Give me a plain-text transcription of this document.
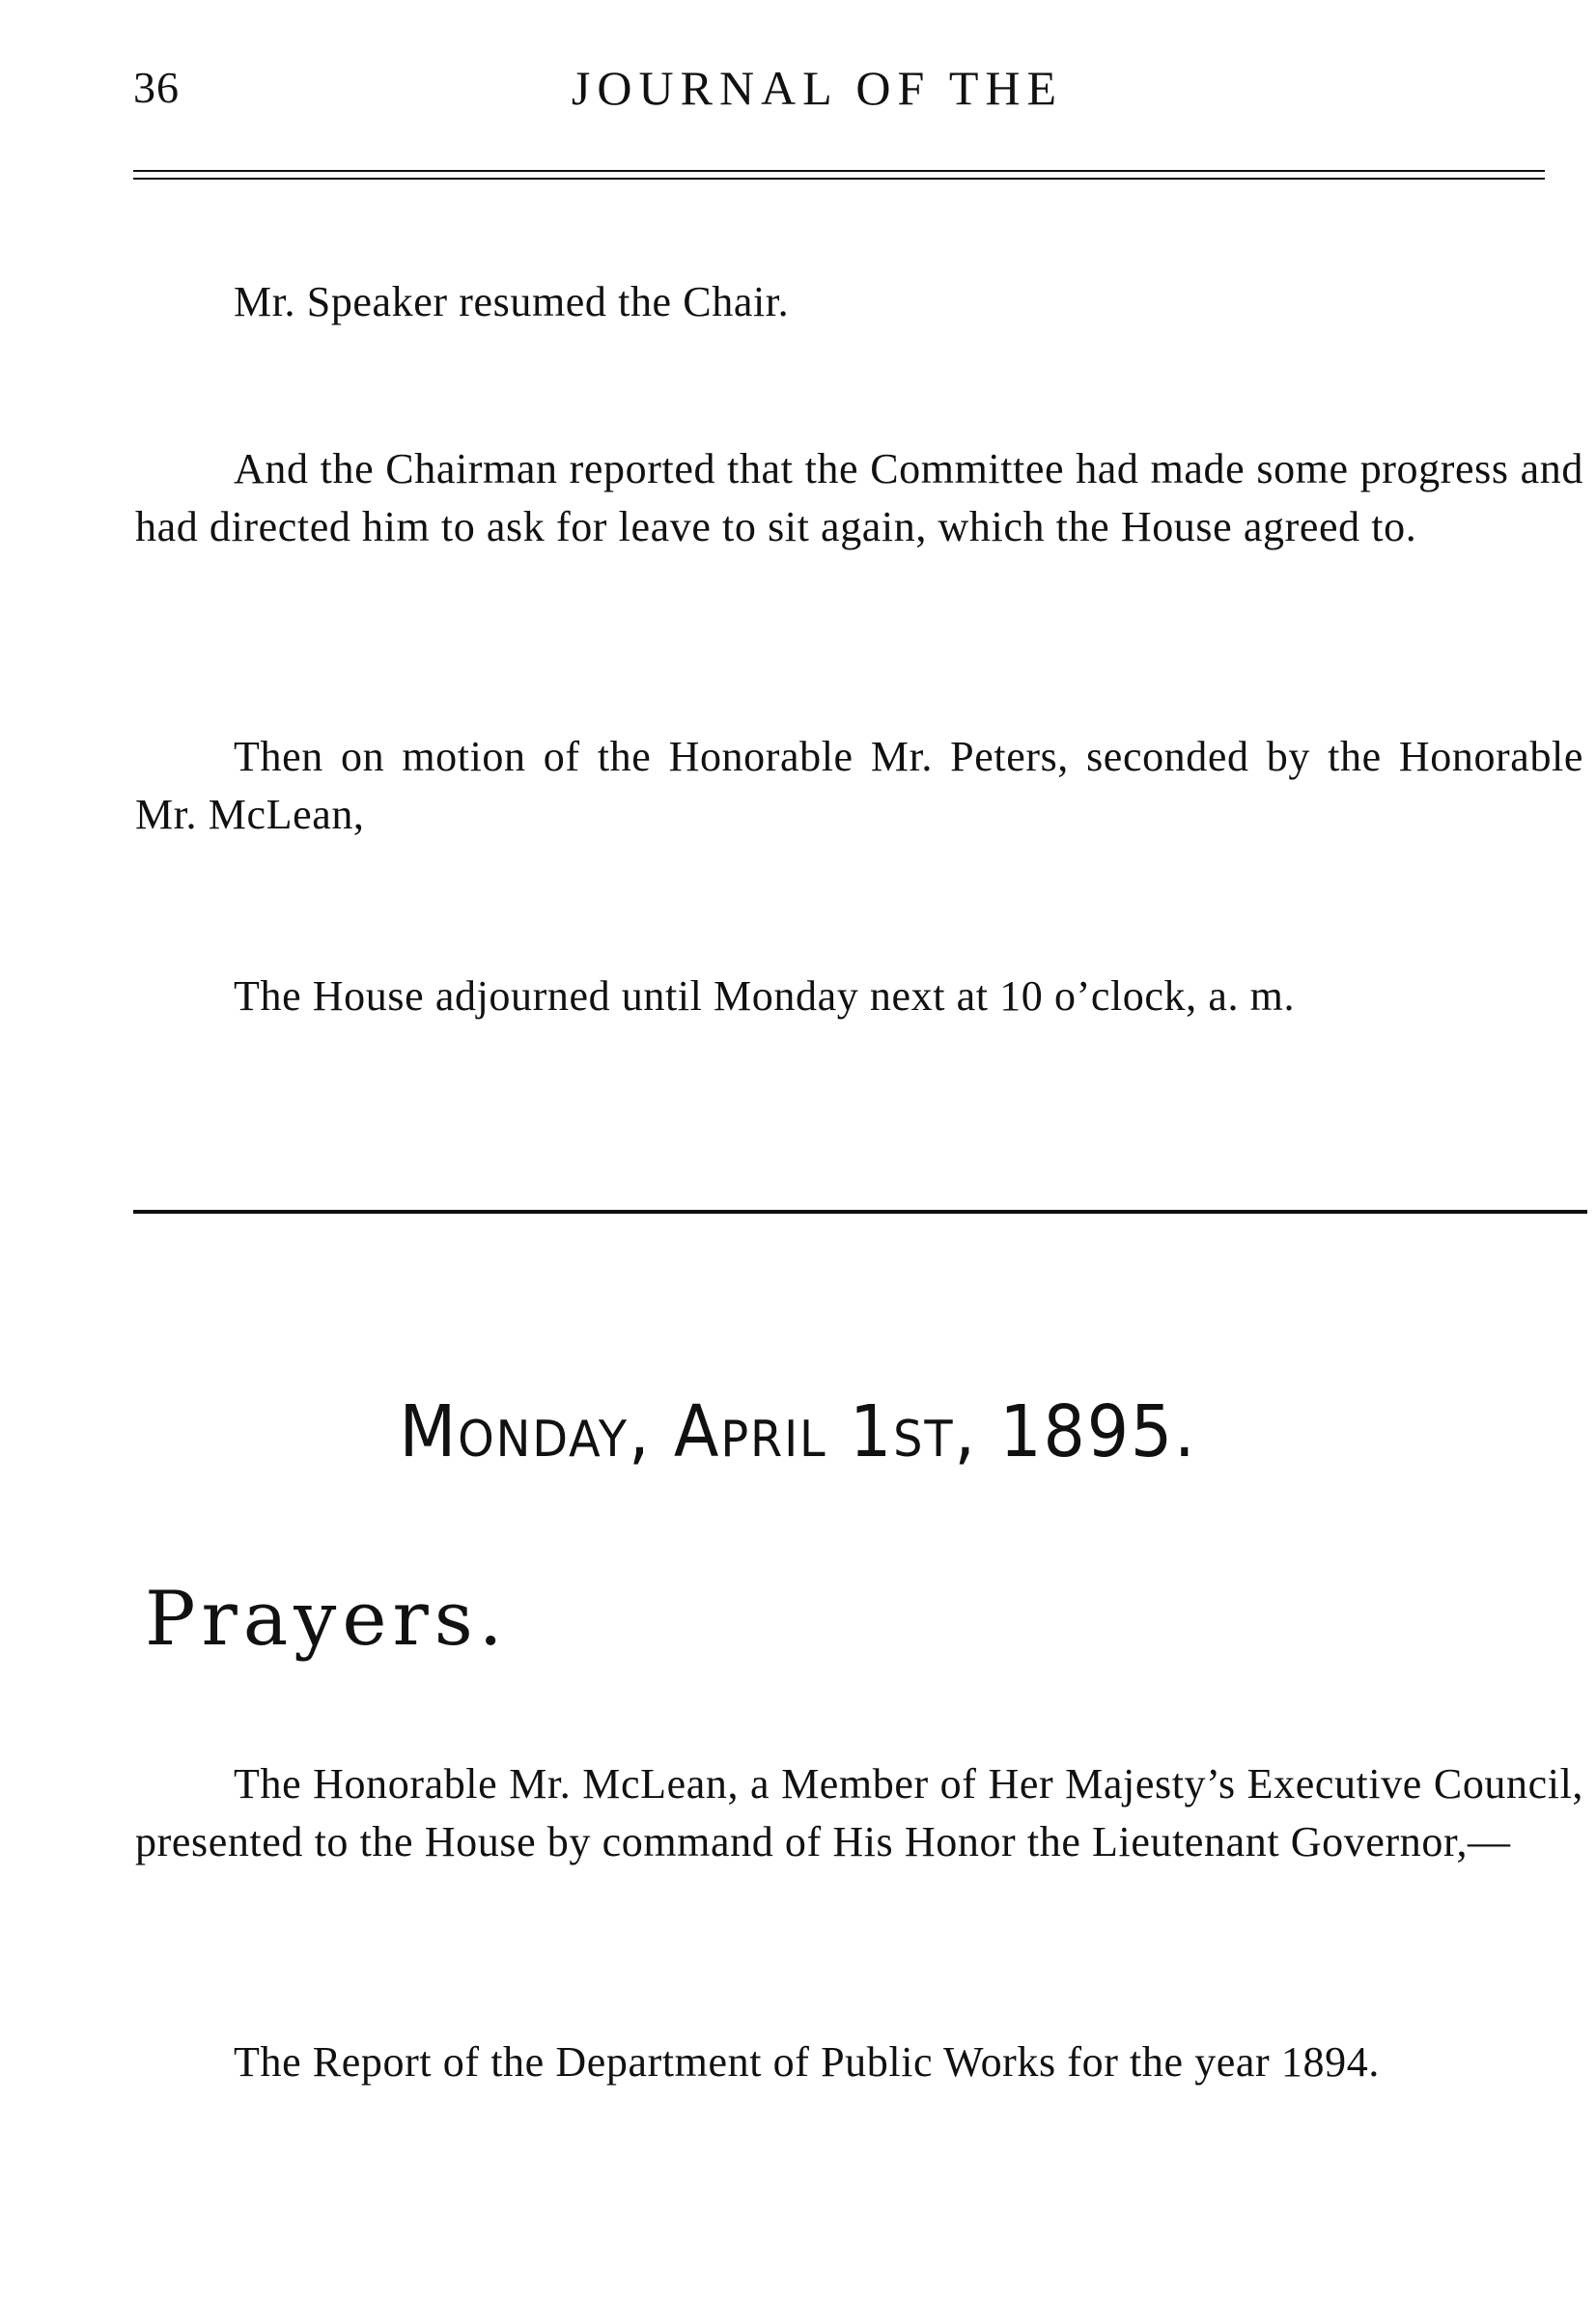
36	JOURNAL OF THE

Mr. Speaker resumed the Chair.

And the Chairman reported that the Committee had made some progress and had directed him to ask for leave to sit again, which the House agreed to.

Then on motion of the Honorable Mr. Peters, seconded by the Honorable Mr. McLean,

The House adjourned until Monday next at 10 o’clock, a. m.

Monday, April 1st, 1895.
Prayers.

The Honorable Mr. McLean, a Member of Her Majesty’s Executive Council, presented to the House by command of His Honor the Lieutenant Governor,—

The Report of the Department of Public Works for the year 1894.
